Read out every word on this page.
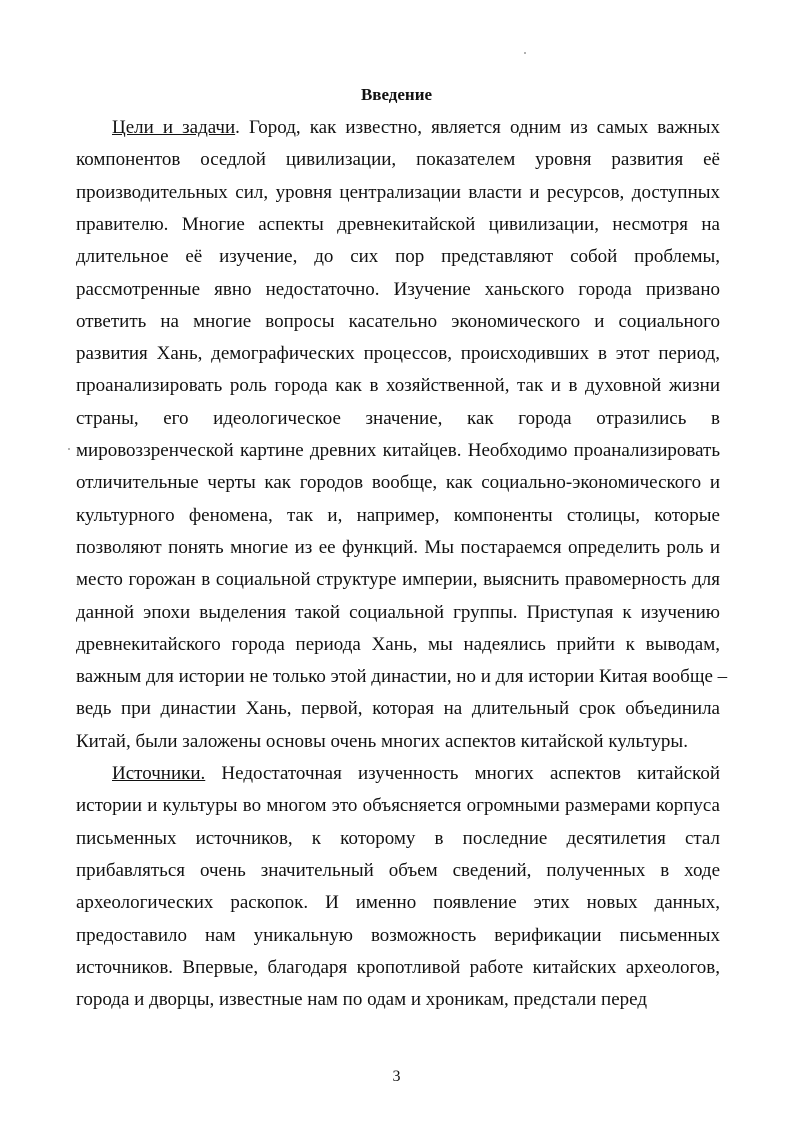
Введение
Цели и задачи. Город, как известно, является одним из самых важных
компонентов оседлой цивилизации, показателем уровня развития её
производительных сил, уровня централизации власти и ресурсов, доступных
правителю. Многие аспекты древнекитайской цивилизации, несмотря на
длительное её изучение, до сих пор представляют собой проблемы,
рассмотренные явно недостаточно. Изучение ханьского города призвано
ответить на многие вопросы касательно экономического и социального
развития Хань, демографических процессов, происходивших в этот период,
проанализировать роль города как в хозяйственной, так и в духовной жизни
страны, его идеологическое значение, как города отразились в
мировоззренческой картине древних китайцев. Необходимо проанализировать
отличительные черты как городов вообще, как социально-экономического и
культурного феномена, так и, например, компоненты столицы, которые
позволяют понять многие из ее функций. Мы постараемся определить роль и
место горожан в социальной структуре империи, выяснить правомерность для
данной эпохи выделения такой социальной группы. Приступая к изучению
древнекитайского города периода Хань, мы надеялись прийти к выводам,
важным для истории не только этой династии, но и для истории Китая вообще –
ведь при династии Хань, первой, которая на длительный срок объединила
Китай, были заложены основы очень многих аспектов китайской культуры.
Источники. Недостаточная изученность многих аспектов китайской
истории и культуры во многом это объясняется огромными размерами корпуса
письменных источников, к которому в последние десятилетия стал
прибавляться очень значительный объем сведений, полученных в ходе
археологических раскопок. И именно появление этих новых данных,
предоставило нам уникальную возможность верификации письменных
источников. Впервые, благодаря кропотливой работе китайских археологов,
города и дворцы, известные нам по одам и хроникам, предстали перед
3
